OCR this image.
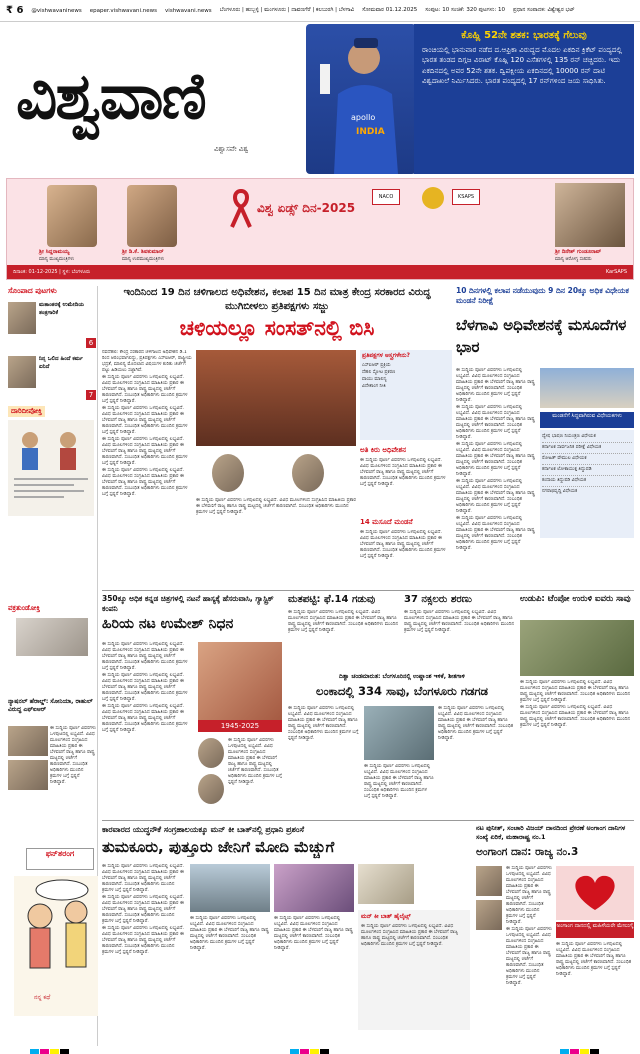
₹ 6 @vishwavaninews epaper.vishwavani.news vishwavani.news ಬೆಂಗಳೂರು | ಹುಬ್ಬಳ್ಳಿ | ಮಂಗಳೂರು | ದಾವಣಗೆರೆ | ಕಲಬುರಗಿ | ಬೆಳಗಾವಿ ಸೋಮವಾರ 01.12.2025 ಸಂಪುಟ: 10 ಸಂಚಿಕೆ: 320 ಪುಟಗಳು: 10 ಪ್ರಧಾನ ಸಂಪಾದಕ: ವಿಶ್ವೇಶ್ವರ ಭಟ್
ವಿಶ್ವವಾಣಿ
ವಿಶ್ವಾಸವೇ ವಿಶ್ವ
apollo
INDIA
ಕೊಹ್ಲಿ 52ನೇ ಶತಕ: ಭಾರತಕ್ಕೆ ಗೆಲುವು
ರಾಂಚಿಯಲ್ಲಿ ಭಾನುವಾರ ನಡೆದ ದ.ಆಫ್ರಿಕಾ ವಿರುದ್ಧದ ಮೊದಲ ಏಕದಿನ ಕ್ರಿಕೆಟ್ ಪಂದ್ಯದಲ್ಲಿ ಭಾರತ ತಂಡದ ದಿಗ್ಗಜ ವಿರಾಟ್ ಕೊಹ್ಲಿ 120 ಎಸೆತಗಳಲ್ಲಿ 135 ರನ್ ಚಚ್ಚಿದರು. ಇದು ಏಕದಿನದಲ್ಲಿ ಅವರ 52ನೇ ಶತಕ. ದ್ವಿಪಕ್ಷೀಯ ಏಕದಿನದಲ್ಲಿ 10000 ರನ್ ದಾಟಿ ವಿಶ್ವದಾಖಲೆ ನಿರ್ಮಿಸಿದರು. ಭಾರತ ಪಂದ್ಯದಲ್ಲಿ 17 ರನ್‌ಗಳಿಂದ ಜಯ ಸಾಧಿಸಿತು.
ಶ್ರೀ ಸಿದ್ದರಾಮಯ್ಯ
ಮಾನ್ಯ ಮುಖ್ಯಮಂತ್ರಿಗಳು
ಶ್ರೀ ಡಿ.ಕೆ. ಶಿವಕುಮಾರ್
ಮಾನ್ಯ ಉಪಮುಖ್ಯಮಂತ್ರಿಗಳು
ವಿಶ್ವ ಏಡ್ಸ್ ದಿನ-2025
NACO	KSAPS
ಶ್ರೀ ದಿನೇಶ್ ಗುಂಡೂರಾವ್
ಮಾನ್ಯ ಆರೋಗ್ಯ ಸಚಿವರು
ದಿನಾಂಕ: 01-12-2025 | ಸ್ಥಳ: ಬೆಂಗಳೂರು	KarSAPS
ಸೊಂಪಾದ ಪುಟಗಳು
ಮತಾಂತರಕ್ಕೆ ಉಮೇದಿಯ ತಂತ್ರಗಾರಿಕೆ
6
ನಿನ್ನ ಒಲಿದ ಹಿಂದೆ ಕರ್ಮ ಏನಿದೆ
7
ದಾರಿದೀಪೋಕ್ತಿ
ವಕ್ರತುಂಡೋಕ್ತಿ
ನ್ಯಾಷನಲ್ ಹೆರಾಲ್ಡ್: ಸೋನಿಯಾ, ರಾಹುಲ್ ವಿರುದ್ಧ ಎಫ್ಐಆರ್
ಈ ಸುದ್ದಿಯ ಪೂರ್ಣ ವಿವರಗಳು ಒಳಪುಟದಲ್ಲಿ ಲಭ್ಯವಿದೆ. ವಿವಿಧ ಮೂಲಗಳಿಂದ ಸಂಗ್ರಹಿಸಿದ ಮಾಹಿತಿಯ ಪ್ರಕಾರ ಈ ಬೆಳವಣಿಗೆ ರಾಜ್ಯ ಹಾಗೂ ರಾಷ್ಟ್ರ ಮಟ್ಟದಲ್ಲಿ ಚರ್ಚೆಗೆ ಕಾರಣವಾಗಿದೆ. ಸಂಬಂಧಿತ ಅಧಿಕಾರಿಗಳು ಮುಂದಿನ ಕ್ರಮಗಳ ಬಗ್ಗೆ ಸ್ಪಷ್ಟನೆ ನೀಡಿದ್ದಾರೆ.
ಫನ್‌ತರಂಗ
ನನ್ನ ಕಥೆ
ಇಂದಿನಿಂದ 19 ದಿನ ಚಳಿಗಾಲದ ಅಧಿವೇಶನ, ಕಲಾಪ 15 ದಿನ ಮಾತ್ರ ಕೇಂದ್ರ ಸರಕಾರದ ವಿರುದ್ಧ ಮುಗಿಬೀಳಲು ಪ್ರತಿಪಕ್ಷಗಳು ಸಜ್ಜು
ಚಳಿಯಲ್ಲೂ ಸಂಸತ್‌ನಲ್ಲಿ ಬಿಸಿ

ನವದೆಹಲಿ: ಕೇಂದ್ರ ಸರಕಾರದ ಚಳಿಗಾಲದ ಅಧಿವೇಶನ ಡಿ.1 ರಿಂದ ಆರಂಭವಾಗಲಿದ್ದು, ಪ್ರತಿಪಕ್ಷಗಳು ಎಸ್‌ಐಆರ್, ರಾಷ್ಟ್ರೀಯ ಭದ್ರತೆ, ಮಾಲಿನ್ಯ ಮೊದಲಾದ ವಿಷಯಗಳ ಕುರಿತು ಚರ್ಚೆಗೆ ಪಟ್ಟು ಹಿಡಿಯಲು ಸಜ್ಜಾಗಿವೆ.

ಈ ಸುದ್ದಿಯ ಪೂರ್ಣ ವಿವರಗಳು ಒಳಪುಟದಲ್ಲಿ ಲಭ್ಯವಿದೆ. ವಿವಿಧ ಮೂಲಗಳಿಂದ ಸಂಗ್ರಹಿಸಿದ ಮಾಹಿತಿಯ ಪ್ರಕಾರ ಈ ಬೆಳವಣಿಗೆ ರಾಜ್ಯ ಹಾಗೂ ರಾಷ್ಟ್ರ ಮಟ್ಟದಲ್ಲಿ ಚರ್ಚೆಗೆ ಕಾರಣವಾಗಿದೆ. ಸಂಬಂಧಿತ ಅಧಿಕಾರಿಗಳು ಮುಂದಿನ ಕ್ರಮಗಳ ಬಗ್ಗೆ ಸ್ಪಷ್ಟನೆ ನೀಡಿದ್ದಾರೆ.

ಈ ಸುದ್ದಿಯ ಪೂರ್ಣ ವಿವರಗಳು ಒಳಪುಟದಲ್ಲಿ ಲಭ್ಯವಿದೆ. ವಿವಿಧ ಮೂಲಗಳಿಂದ ಸಂಗ್ರಹಿಸಿದ ಮಾಹಿತಿಯ ಪ್ರಕಾರ ಈ ಬೆಳವಣಿಗೆ ರಾಜ್ಯ ಹಾಗೂ ರಾಷ್ಟ್ರ ಮಟ್ಟದಲ್ಲಿ ಚರ್ಚೆಗೆ ಕಾರಣವಾಗಿದೆ. ಸಂಬಂಧಿತ ಅಧಿಕಾರಿಗಳು ಮುಂದಿನ ಕ್ರಮಗಳ ಬಗ್ಗೆ ಸ್ಪಷ್ಟನೆ ನೀಡಿದ್ದಾರೆ.

ಈ ಸುದ್ದಿಯ ಪೂರ್ಣ ವಿವರಗಳು ಒಳಪುಟದಲ್ಲಿ ಲಭ್ಯವಿದೆ. ವಿವಿಧ ಮೂಲಗಳಿಂದ ಸಂಗ್ರಹಿಸಿದ ಮಾಹಿತಿಯ ಪ್ರಕಾರ ಈ ಬೆಳವಣಿಗೆ ರಾಜ್ಯ ಹಾಗೂ ರಾಷ್ಟ್ರ ಮಟ್ಟದಲ್ಲಿ ಚರ್ಚೆಗೆ ಕಾರಣವಾಗಿದೆ. ಸಂಬಂಧಿತ ಅಧಿಕಾರಿಗಳು ಮುಂದಿನ ಕ್ರಮಗಳ ಬಗ್ಗೆ ಸ್ಪಷ್ಟನೆ ನೀಡಿದ್ದಾರೆ.

ಈ ಸುದ್ದಿಯ ಪೂರ್ಣ ವಿವರಗಳು ಒಳಪುಟದಲ್ಲಿ ಲಭ್ಯವಿದೆ. ವಿವಿಧ ಮೂಲಗಳಿಂದ ಸಂಗ್ರಹಿಸಿದ ಮಾಹಿತಿಯ ಪ್ರಕಾರ ಈ ಬೆಳವಣಿಗೆ ರಾಜ್ಯ ಹಾಗೂ ರಾಷ್ಟ್ರ ಮಟ್ಟದಲ್ಲಿ ಚರ್ಚೆಗೆ ಕಾರಣವಾಗಿದೆ. ಸಂಬಂಧಿತ ಅಧಿಕಾರಿಗಳು ಮುಂದಿನ ಕ್ರಮಗಳ ಬಗ್ಗೆ ಸ್ಪಷ್ಟನೆ ನೀಡಿದ್ದಾರೆ.

ಈ ಸುದ್ದಿಯ ಪೂರ್ಣ ವಿವರಗಳು ಒಳಪುಟದಲ್ಲಿ ಲಭ್ಯವಿದೆ. ವಿವಿಧ ಮೂಲಗಳಿಂದ ಸಂಗ್ರಹಿಸಿದ ಮಾಹಿತಿಯ ಪ್ರಕಾರ ಈ ಬೆಳವಣಿಗೆ ರಾಜ್ಯ ಹಾಗೂ ರಾಷ್ಟ್ರ ಮಟ್ಟದಲ್ಲಿ ಚರ್ಚೆಗೆ ಕಾರಣವಾಗಿದೆ. ಸಂಬಂಧಿತ ಅಧಿಕಾರಿಗಳು ಮುಂದಿನ ಕ್ರಮಗಳ ಬಗ್ಗೆ ಸ್ಪಷ್ಟನೆ ನೀಡಿದ್ದಾರೆ.
ಪ್ರತಿಪಕ್ಷಗಳ ಅಸ್ತ್ರಗಳೇನು?

ಎಸ್‌ಐಆರ್ ಪ್ರಕ್ರಿಯೆ

ದೆಹಲಿ ಸ್ಫೋಟ ಪ್ರಕರಣ

ವಾಯು ಮಾಲಿನ್ಯ

ವಿದೇಶಾಂಗ ನೀತಿ

ಅತಿ ಕಿರು ಅಧಿವೇಶನ
ಈ ಸುದ್ದಿಯ ಪೂರ್ಣ ವಿವರಗಳು ಒಳಪುಟದಲ್ಲಿ ಲಭ್ಯವಿದೆ. ವಿವಿಧ ಮೂಲಗಳಿಂದ ಸಂಗ್ರಹಿಸಿದ ಮಾಹಿತಿಯ ಪ್ರಕಾರ ಈ ಬೆಳವಣಿಗೆ ರಾಜ್ಯ ಹಾಗೂ ರಾಷ್ಟ್ರ ಮಟ್ಟದಲ್ಲಿ ಚರ್ಚೆಗೆ ಕಾರಣವಾಗಿದೆ. ಸಂಬಂಧಿತ ಅಧಿಕಾರಿಗಳು ಮುಂದಿನ ಕ್ರಮಗಳ ಬಗ್ಗೆ ಸ್ಪಷ್ಟನೆ ನೀಡಿದ್ದಾರೆ.
14 ಮಸೂದೆ ಮಂಡನೆ
ಈ ಸುದ್ದಿಯ ಪೂರ್ಣ ವಿವರಗಳು ಒಳಪುಟದಲ್ಲಿ ಲಭ್ಯವಿದೆ. ವಿವಿಧ ಮೂಲಗಳಿಂದ ಸಂಗ್ರಹಿಸಿದ ಮಾಹಿತಿಯ ಪ್ರಕಾರ ಈ ಬೆಳವಣಿಗೆ ರಾಜ್ಯ ಹಾಗೂ ರಾಷ್ಟ್ರ ಮಟ್ಟದಲ್ಲಿ ಚರ್ಚೆಗೆ ಕಾರಣವಾಗಿದೆ. ಸಂಬಂಧಿತ ಅಧಿಕಾರಿಗಳು ಮುಂದಿನ ಕ್ರಮಗಳ ಬಗ್ಗೆ ಸ್ಪಷ್ಟನೆ ನೀಡಿದ್ದಾರೆ.
10 ದಿನಗಳಲ್ಲಿ ಕಲಾಪ ನಡೆಯುವುದು 9 ದಿನ 20ಕ್ಕೂ ಅಧಿಕ ವಿಧೇಯಕ ಮಂಡನೆ ನಿರೀಕ್ಷೆ
ಬೆಳಗಾವಿ ಅಧಿವೇಶನಕ್ಕೆ ಮಸೂದೆಗಳ ಭಾರ

ಈ ಸುದ್ದಿಯ ಪೂರ್ಣ ವಿವರಗಳು ಒಳಪುಟದಲ್ಲಿ ಲಭ್ಯವಿದೆ. ವಿವಿಧ ಮೂಲಗಳಿಂದ ಸಂಗ್ರಹಿಸಿದ ಮಾಹಿತಿಯ ಪ್ರಕಾರ ಈ ಬೆಳವಣಿಗೆ ರಾಜ್ಯ ಹಾಗೂ ರಾಷ್ಟ್ರ ಮಟ್ಟದಲ್ಲಿ ಚರ್ಚೆಗೆ ಕಾರಣವಾಗಿದೆ. ಸಂಬಂಧಿತ ಅಧಿಕಾರಿಗಳು ಮುಂದಿನ ಕ್ರಮಗಳ ಬಗ್ಗೆ ಸ್ಪಷ್ಟನೆ ನೀಡಿದ್ದಾರೆ.

ಈ ಸುದ್ದಿಯ ಪೂರ್ಣ ವಿವರಗಳು ಒಳಪುಟದಲ್ಲಿ ಲಭ್ಯವಿದೆ. ವಿವಿಧ ಮೂಲಗಳಿಂದ ಸಂಗ್ರಹಿಸಿದ ಮಾಹಿತಿಯ ಪ್ರಕಾರ ಈ ಬೆಳವಣಿಗೆ ರಾಜ್ಯ ಹಾಗೂ ರಾಷ್ಟ್ರ ಮಟ್ಟದಲ್ಲಿ ಚರ್ಚೆಗೆ ಕಾರಣವಾಗಿದೆ. ಸಂಬಂಧಿತ ಅಧಿಕಾರಿಗಳು ಮುಂದಿನ ಕ್ರಮಗಳ ಬಗ್ಗೆ ಸ್ಪಷ್ಟನೆ ನೀಡಿದ್ದಾರೆ.

ಈ ಸುದ್ದಿಯ ಪೂರ್ಣ ವಿವರಗಳು ಒಳಪುಟದಲ್ಲಿ ಲಭ್ಯವಿದೆ. ವಿವಿಧ ಮೂಲಗಳಿಂದ ಸಂಗ್ರಹಿಸಿದ ಮಾಹಿತಿಯ ಪ್ರಕಾರ ಈ ಬೆಳವಣಿಗೆ ರಾಜ್ಯ ಹಾಗೂ ರಾಷ್ಟ್ರ ಮಟ್ಟದಲ್ಲಿ ಚರ್ಚೆಗೆ ಕಾರಣವಾಗಿದೆ. ಸಂಬಂಧಿತ ಅಧಿಕಾರಿಗಳು ಮುಂದಿನ ಕ್ರಮಗಳ ಬಗ್ಗೆ ಸ್ಪಷ್ಟನೆ ನೀಡಿದ್ದಾರೆ.

ಈ ಸುದ್ದಿಯ ಪೂರ್ಣ ವಿವರಗಳು ಒಳಪುಟದಲ್ಲಿ ಲಭ್ಯವಿದೆ. ವಿವಿಧ ಮೂಲಗಳಿಂದ ಸಂಗ್ರಹಿಸಿದ ಮಾಹಿತಿಯ ಪ್ರಕಾರ ಈ ಬೆಳವಣಿಗೆ ರಾಜ್ಯ ಹಾಗೂ ರಾಷ್ಟ್ರ ಮಟ್ಟದಲ್ಲಿ ಚರ್ಚೆಗೆ ಕಾರಣವಾಗಿದೆ. ಸಂಬಂಧಿತ ಅಧಿಕಾರಿಗಳು ಮುಂದಿನ ಕ್ರಮಗಳ ಬಗ್ಗೆ ಸ್ಪಷ್ಟನೆ ನೀಡಿದ್ದಾರೆ.

ಈ ಸುದ್ದಿಯ ಪೂರ್ಣ ವಿವರಗಳು ಒಳಪುಟದಲ್ಲಿ ಲಭ್ಯವಿದೆ. ವಿವಿಧ ಮೂಲಗಳಿಂದ ಸಂಗ್ರಹಿಸಿದ ಮಾಹಿತಿಯ ಪ್ರಕಾರ ಈ ಬೆಳವಣಿಗೆ ರಾಜ್ಯ ಹಾಗೂ ರಾಷ್ಟ್ರ ಮಟ್ಟದಲ್ಲಿ ಚರ್ಚೆಗೆ ಕಾರಣವಾಗಿದೆ. ಸಂಬಂಧಿತ ಅಧಿಕಾರಿಗಳು ಮುಂದಿನ ಕ್ರಮಗಳ ಬಗ್ಗೆ ಸ್ಪಷ್ಟನೆ ನೀಡಿದ್ದಾರೆ.

ಮಂಡನೆಗೆ ಸಿದ್ಧವಾಗಿರುವ ವಿಧೇಯಕಗಳು
ದ್ವೇಷ ಭಾಷಣ ನಿಯಂತ್ರಣ ವಿಧೇಯಕ
ಕರ್ನಾಟಕ ಸಾರ್ವಜನಿಕ ಪರೀಕ್ಷೆ ವಿಧೇಯಕ
ರೋಹಿತ್ ವೇಮುಲ ವಿಧೇಯಕ
ಕರ್ನಾಟಕ ಲೋಕಾಯುಕ್ತ ತಿದ್ದುಪಡಿ
ಕಂದಾಯ ತಿದ್ದುಪಡಿ ವಿಧೇಯಕ
ನಗರಾಭಿವೃದ್ಧಿ ವಿಧೇಯಕ
350ಕ್ಕೂ ಅಧಿಕ ಕನ್ನಡ ಚಿತ್ರಗಳಲ್ಲಿ ನಟನೆ ಹಾಸ್ಯಕ್ಕೆ ಹೆಸರುವಾಸಿ, ಗ್ಯಾಸ್ಟ್ರಿಕ್ ಕಂಪನಿ
ಹಿರಿಯ ನಟ ಉಮೇಶ್ ನಿಧನ

ಈ ಸುದ್ದಿಯ ಪೂರ್ಣ ವಿವರಗಳು ಒಳಪುಟದಲ್ಲಿ ಲಭ್ಯವಿದೆ. ವಿವಿಧ ಮೂಲಗಳಿಂದ ಸಂಗ್ರಹಿಸಿದ ಮಾಹಿತಿಯ ಪ್ರಕಾರ ಈ ಬೆಳವಣಿಗೆ ರಾಜ್ಯ ಹಾಗೂ ರಾಷ್ಟ್ರ ಮಟ್ಟದಲ್ಲಿ ಚರ್ಚೆಗೆ ಕಾರಣವಾಗಿದೆ. ಸಂಬಂಧಿತ ಅಧಿಕಾರಿಗಳು ಮುಂದಿನ ಕ್ರಮಗಳ ಬಗ್ಗೆ ಸ್ಪಷ್ಟನೆ ನೀಡಿದ್ದಾರೆ.

ಈ ಸುದ್ದಿಯ ಪೂರ್ಣ ವಿವರಗಳು ಒಳಪುಟದಲ್ಲಿ ಲಭ್ಯವಿದೆ. ವಿವಿಧ ಮೂಲಗಳಿಂದ ಸಂಗ್ರಹಿಸಿದ ಮಾಹಿತಿಯ ಪ್ರಕಾರ ಈ ಬೆಳವಣಿಗೆ ರಾಜ್ಯ ಹಾಗೂ ರಾಷ್ಟ್ರ ಮಟ್ಟದಲ್ಲಿ ಚರ್ಚೆಗೆ ಕಾರಣವಾಗಿದೆ. ಸಂಬಂಧಿತ ಅಧಿಕಾರಿಗಳು ಮುಂದಿನ ಕ್ರಮಗಳ ಬಗ್ಗೆ ಸ್ಪಷ್ಟನೆ ನೀಡಿದ್ದಾರೆ.

ಈ ಸುದ್ದಿಯ ಪೂರ್ಣ ವಿವರಗಳು ಒಳಪುಟದಲ್ಲಿ ಲಭ್ಯವಿದೆ. ವಿವಿಧ ಮೂಲಗಳಿಂದ ಸಂಗ್ರಹಿಸಿದ ಮಾಹಿತಿಯ ಪ್ರಕಾರ ಈ ಬೆಳವಣಿಗೆ ರಾಜ್ಯ ಹಾಗೂ ರಾಷ್ಟ್ರ ಮಟ್ಟದಲ್ಲಿ ಚರ್ಚೆಗೆ ಕಾರಣವಾಗಿದೆ. ಸಂಬಂಧಿತ ಅಧಿಕಾರಿಗಳು ಮುಂದಿನ ಕ್ರಮಗಳ ಬಗ್ಗೆ ಸ್ಪಷ್ಟನೆ ನೀಡಿದ್ದಾರೆ.

1945-2025
ಈ ಸುದ್ದಿಯ ಪೂರ್ಣ ವಿವರಗಳು ಒಳಪುಟದಲ್ಲಿ ಲಭ್ಯವಿದೆ. ವಿವಿಧ ಮೂಲಗಳಿಂದ ಸಂಗ್ರಹಿಸಿದ ಮಾಹಿತಿಯ ಪ್ರಕಾರ ಈ ಬೆಳವಣಿಗೆ ರಾಜ್ಯ ಹಾಗೂ ರಾಷ್ಟ್ರ ಮಟ್ಟದಲ್ಲಿ ಚರ್ಚೆಗೆ ಕಾರಣವಾಗಿದೆ. ಸಂಬಂಧಿತ ಅಧಿಕಾರಿಗಳು ಮುಂದಿನ ಕ್ರಮಗಳ ಬಗ್ಗೆ ಸ್ಪಷ್ಟನೆ ನೀಡಿದ್ದಾರೆ.
ಮತಪಟ್ಟಿ: ಫೆ.14 ಗಡುವು
ಈ ಸುದ್ದಿಯ ಪೂರ್ಣ ವಿವರಗಳು ಒಳಪುಟದಲ್ಲಿ ಲಭ್ಯವಿದೆ. ವಿವಿಧ ಮೂಲಗಳಿಂದ ಸಂಗ್ರಹಿಸಿದ ಮಾಹಿತಿಯ ಪ್ರಕಾರ ಈ ಬೆಳವಣಿಗೆ ರಾಜ್ಯ ಹಾಗೂ ರಾಷ್ಟ್ರ ಮಟ್ಟದಲ್ಲಿ ಚರ್ಚೆಗೆ ಕಾರಣವಾಗಿದೆ. ಸಂಬಂಧಿತ ಅಧಿಕಾರಿಗಳು ಮುಂದಿನ ಕ್ರಮಗಳ ಬಗ್ಗೆ ಸ್ಪಷ್ಟನೆ ನೀಡಿದ್ದಾರೆ.
37 ನಕ್ಸಲರು ಶರಣು
ಈ ಸುದ್ದಿಯ ಪೂರ್ಣ ವಿವರಗಳು ಒಳಪುಟದಲ್ಲಿ ಲಭ್ಯವಿದೆ. ವಿವಿಧ ಮೂಲಗಳಿಂದ ಸಂಗ್ರಹಿಸಿದ ಮಾಹಿತಿಯ ಪ್ರಕಾರ ಈ ಬೆಳವಣಿಗೆ ರಾಜ್ಯ ಹಾಗೂ ರಾಷ್ಟ್ರ ಮಟ್ಟದಲ್ಲಿ ಚರ್ಚೆಗೆ ಕಾರಣವಾಗಿದೆ. ಸಂಬಂಧಿತ ಅಧಿಕಾರಿಗಳು ಮುಂದಿನ ಕ್ರಮಗಳ ಬಗ್ಗೆ ಸ್ಪಷ್ಟನೆ ನೀಡಿದ್ದಾರೆ.
ಉಡುಪಿ: ಟೆಂಪೋ ಉರುಳಿ ಐವರು ಸಾವು

ಈ ಸುದ್ದಿಯ ಪೂರ್ಣ ವಿವರಗಳು ಒಳಪುಟದಲ್ಲಿ ಲಭ್ಯವಿದೆ. ವಿವಿಧ ಮೂಲಗಳಿಂದ ಸಂಗ್ರಹಿಸಿದ ಮಾಹಿತಿಯ ಪ್ರಕಾರ ಈ ಬೆಳವಣಿಗೆ ರಾಜ್ಯ ಹಾಗೂ ರಾಷ್ಟ್ರ ಮಟ್ಟದಲ್ಲಿ ಚರ್ಚೆಗೆ ಕಾರಣವಾಗಿದೆ. ಸಂಬಂಧಿತ ಅಧಿಕಾರಿಗಳು ಮುಂದಿನ ಕ್ರಮಗಳ ಬಗ್ಗೆ ಸ್ಪಷ್ಟನೆ ನೀಡಿದ್ದಾರೆ.

ಈ ಸುದ್ದಿಯ ಪೂರ್ಣ ವಿವರಗಳು ಒಳಪುಟದಲ್ಲಿ ಲಭ್ಯವಿದೆ. ವಿವಿಧ ಮೂಲಗಳಿಂದ ಸಂಗ್ರಹಿಸಿದ ಮಾಹಿತಿಯ ಪ್ರಕಾರ ಈ ಬೆಳವಣಿಗೆ ರಾಜ್ಯ ಹಾಗೂ ರಾಷ್ಟ್ರ ಮಟ್ಟದಲ್ಲಿ ಚರ್ಚೆಗೆ ಕಾರಣವಾಗಿದೆ. ಸಂಬಂಧಿತ ಅಧಿಕಾರಿಗಳು ಮುಂದಿನ ಕ್ರಮಗಳ ಬಗ್ಗೆ ಸ್ಪಷ್ಟನೆ ನೀಡಿದ್ದಾರೆ.

ದಿತ್ವಾ ಚಂಡಮಾರುತ: ಬೆಂಗಳೂರಿನಲ್ಲಿ ಉಷ್ಣಾಂಶ ಇಳಿಕೆ, ಶೀತಗಾಳಿ
ಲಂಕಾದಲ್ಲಿ 334 ಸಾವು, ಬೆಂಗಳೂರು ಗಡಗಡ
ಈ ಸುದ್ದಿಯ ಪೂರ್ಣ ವಿವರಗಳು ಒಳಪುಟದಲ್ಲಿ ಲಭ್ಯವಿದೆ. ವಿವಿಧ ಮೂಲಗಳಿಂದ ಸಂಗ್ರಹಿಸಿದ ಮಾಹಿತಿಯ ಪ್ರಕಾರ ಈ ಬೆಳವಣಿಗೆ ರಾಜ್ಯ ಹಾಗೂ ರಾಷ್ಟ್ರ ಮಟ್ಟದಲ್ಲಿ ಚರ್ಚೆಗೆ ಕಾರಣವಾಗಿದೆ. ಸಂಬಂಧಿತ ಅಧಿಕಾರಿಗಳು ಮುಂದಿನ ಕ್ರಮಗಳ ಬಗ್ಗೆ ಸ್ಪಷ್ಟನೆ ನೀಡಿದ್ದಾರೆ.
ಈ ಸುದ್ದಿಯ ಪೂರ್ಣ ವಿವರಗಳು ಒಳಪುಟದಲ್ಲಿ ಲಭ್ಯವಿದೆ. ವಿವಿಧ ಮೂಲಗಳಿಂದ ಸಂಗ್ರಹಿಸಿದ ಮಾಹಿತಿಯ ಪ್ರಕಾರ ಈ ಬೆಳವಣಿಗೆ ರಾಜ್ಯ ಹಾಗೂ ರಾಷ್ಟ್ರ ಮಟ್ಟದಲ್ಲಿ ಚರ್ಚೆಗೆ ಕಾರಣವಾಗಿದೆ. ಸಂಬಂಧಿತ ಅಧಿಕಾರಿಗಳು ಮುಂದಿನ ಕ್ರಮಗಳ ಬಗ್ಗೆ ಸ್ಪಷ್ಟನೆ ನೀಡಿದ್ದಾರೆ.
ಈ ಸುದ್ದಿಯ ಪೂರ್ಣ ವಿವರಗಳು ಒಳಪುಟದಲ್ಲಿ ಲಭ್ಯವಿದೆ. ವಿವಿಧ ಮೂಲಗಳಿಂದ ಸಂಗ್ರಹಿಸಿದ ಮಾಹಿತಿಯ ಪ್ರಕಾರ ಈ ಬೆಳವಣಿಗೆ ರಾಜ್ಯ ಹಾಗೂ ರಾಷ್ಟ್ರ ಮಟ್ಟದಲ್ಲಿ ಚರ್ಚೆಗೆ ಕಾರಣವಾಗಿದೆ. ಸಂಬಂಧಿತ ಅಧಿಕಾರಿಗಳು ಮುಂದಿನ ಕ್ರಮಗಳ ಬಗ್ಗೆ ಸ್ಪಷ್ಟನೆ ನೀಡಿದ್ದಾರೆ.
ಕಾರವಾರದ ಯುದ್ಧನೌಕೆ ಸಂಗ್ರಹಾಲಯಕ್ಕೂ ಮನ್ ಕೀ ಬಾತ್‌ನಲ್ಲಿ ಪ್ರಧಾನಿ ಪ್ರಶಂಸೆ
ತುಮಕೂರು, ಪುತ್ತೂರು ಜೇನಿಗೆ ಮೋದಿ ಮೆಚ್ಚುಗೆ

ಈ ಸುದ್ದಿಯ ಪೂರ್ಣ ವಿವರಗಳು ಒಳಪುಟದಲ್ಲಿ ಲಭ್ಯವಿದೆ. ವಿವಿಧ ಮೂಲಗಳಿಂದ ಸಂಗ್ರಹಿಸಿದ ಮಾಹಿತಿಯ ಪ್ರಕಾರ ಈ ಬೆಳವಣಿಗೆ ರಾಜ್ಯ ಹಾಗೂ ರಾಷ್ಟ್ರ ಮಟ್ಟದಲ್ಲಿ ಚರ್ಚೆಗೆ ಕಾರಣವಾಗಿದೆ. ಸಂಬಂಧಿತ ಅಧಿಕಾರಿಗಳು ಮುಂದಿನ ಕ್ರಮಗಳ ಬಗ್ಗೆ ಸ್ಪಷ್ಟನೆ ನೀಡಿದ್ದಾರೆ.

ಈ ಸುದ್ದಿಯ ಪೂರ್ಣ ವಿವರಗಳು ಒಳಪುಟದಲ್ಲಿ ಲಭ್ಯವಿದೆ. ವಿವಿಧ ಮೂಲಗಳಿಂದ ಸಂಗ್ರಹಿಸಿದ ಮಾಹಿತಿಯ ಪ್ರಕಾರ ಈ ಬೆಳವಣಿಗೆ ರಾಜ್ಯ ಹಾಗೂ ರಾಷ್ಟ್ರ ಮಟ್ಟದಲ್ಲಿ ಚರ್ಚೆಗೆ ಕಾರಣವಾಗಿದೆ. ಸಂಬಂಧಿತ ಅಧಿಕಾರಿಗಳು ಮುಂದಿನ ಕ್ರಮಗಳ ಬಗ್ಗೆ ಸ್ಪಷ್ಟನೆ ನೀಡಿದ್ದಾರೆ.

ಈ ಸುದ್ದಿಯ ಪೂರ್ಣ ವಿವರಗಳು ಒಳಪುಟದಲ್ಲಿ ಲಭ್ಯವಿದೆ. ವಿವಿಧ ಮೂಲಗಳಿಂದ ಸಂಗ್ರಹಿಸಿದ ಮಾಹಿತಿಯ ಪ್ರಕಾರ ಈ ಬೆಳವಣಿಗೆ ರಾಜ್ಯ ಹಾಗೂ ರಾಷ್ಟ್ರ ಮಟ್ಟದಲ್ಲಿ ಚರ್ಚೆಗೆ ಕಾರಣವಾಗಿದೆ. ಸಂಬಂಧಿತ ಅಧಿಕಾರಿಗಳು ಮುಂದಿನ ಕ್ರಮಗಳ ಬಗ್ಗೆ ಸ್ಪಷ್ಟನೆ ನೀಡಿದ್ದಾರೆ.

ಈ ಸುದ್ದಿಯ ಪೂರ್ಣ ವಿವರಗಳು ಒಳಪುಟದಲ್ಲಿ ಲಭ್ಯವಿದೆ. ವಿವಿಧ ಮೂಲಗಳಿಂದ ಸಂಗ್ರಹಿಸಿದ ಮಾಹಿತಿಯ ಪ್ರಕಾರ ಈ ಬೆಳವಣಿಗೆ ರಾಜ್ಯ ಹಾಗೂ ರಾಷ್ಟ್ರ ಮಟ್ಟದಲ್ಲಿ ಚರ್ಚೆಗೆ ಕಾರಣವಾಗಿದೆ. ಸಂಬಂಧಿತ ಅಧಿಕಾರಿಗಳು ಮುಂದಿನ ಕ್ರಮಗಳ ಬಗ್ಗೆ ಸ್ಪಷ್ಟನೆ ನೀಡಿದ್ದಾರೆ.
ಈ ಸುದ್ದಿಯ ಪೂರ್ಣ ವಿವರಗಳು ಒಳಪುಟದಲ್ಲಿ ಲಭ್ಯವಿದೆ. ವಿವಿಧ ಮೂಲಗಳಿಂದ ಸಂಗ್ರಹಿಸಿದ ಮಾಹಿತಿಯ ಪ್ರಕಾರ ಈ ಬೆಳವಣಿಗೆ ರಾಜ್ಯ ಹಾಗೂ ರಾಷ್ಟ್ರ ಮಟ್ಟದಲ್ಲಿ ಚರ್ಚೆಗೆ ಕಾರಣವಾಗಿದೆ. ಸಂಬಂಧಿತ ಅಧಿಕಾರಿಗಳು ಮುಂದಿನ ಕ್ರಮಗಳ ಬಗ್ಗೆ ಸ್ಪಷ್ಟನೆ ನೀಡಿದ್ದಾರೆ.
ಮನ್ ಕೀ ಬಾತ್ ಹೈಲೈಟ್ಸ್
ಈ ಸುದ್ದಿಯ ಪೂರ್ಣ ವಿವರಗಳು ಒಳಪುಟದಲ್ಲಿ ಲಭ್ಯವಿದೆ. ವಿವಿಧ ಮೂಲಗಳಿಂದ ಸಂಗ್ರಹಿಸಿದ ಮಾಹಿತಿಯ ಪ್ರಕಾರ ಈ ಬೆಳವಣಿಗೆ ರಾಜ್ಯ ಹಾಗೂ ರಾಷ್ಟ್ರ ಮಟ್ಟದಲ್ಲಿ ಚರ್ಚೆಗೆ ಕಾರಣವಾಗಿದೆ. ಸಂಬಂಧಿತ ಅಧಿಕಾರಿಗಳು ಮುಂದಿನ ಕ್ರಮಗಳ ಬಗ್ಗೆ ಸ್ಪಷ್ಟನೆ ನೀಡಿದ್ದಾರೆ.
ನಟ ಪುನೀತ್, ಸಂಚಾರಿ ವಿಜಯ್ ದಾನದಿಂದ ಪ್ರೇರಣೆ ಅಂಗಾಂಗ ದಾನಿಗಳ ಸಂಖ್ಯೆ ಏರಿಕೆ, ಮಹಾರಾಷ್ಟ್ರ ನಂ.1
ಅಂಗಾಂಗ ದಾನ: ರಾಜ್ಯ ನಂ.3

ಈ ಸುದ್ದಿಯ ಪೂರ್ಣ ವಿವರಗಳು ಒಳಪುಟದಲ್ಲಿ ಲಭ್ಯವಿದೆ. ವಿವಿಧ ಮೂಲಗಳಿಂದ ಸಂಗ್ರಹಿಸಿದ ಮಾಹಿತಿಯ ಪ್ರಕಾರ ಈ ಬೆಳವಣಿಗೆ ರಾಜ್ಯ ಹಾಗೂ ರಾಷ್ಟ್ರ ಮಟ್ಟದಲ್ಲಿ ಚರ್ಚೆಗೆ ಕಾರಣವಾಗಿದೆ. ಸಂಬಂಧಿತ ಅಧಿಕಾರಿಗಳು ಮುಂದಿನ ಕ್ರಮಗಳ ಬಗ್ಗೆ ಸ್ಪಷ್ಟನೆ ನೀಡಿದ್ದಾರೆ.

ಈ ಸುದ್ದಿಯ ಪೂರ್ಣ ವಿವರಗಳು ಒಳಪುಟದಲ್ಲಿ ಲಭ್ಯವಿದೆ. ವಿವಿಧ ಮೂಲಗಳಿಂದ ಸಂಗ್ರಹಿಸಿದ ಮಾಹಿತಿಯ ಪ್ರಕಾರ ಈ ಬೆಳವಣಿಗೆ ರಾಜ್ಯ ಹಾಗೂ ರಾಷ್ಟ್ರ ಮಟ್ಟದಲ್ಲಿ ಚರ್ಚೆಗೆ ಕಾರಣವಾಗಿದೆ. ಸಂಬಂಧಿತ ಅಧಿಕಾರಿಗಳು ಮುಂದಿನ ಕ್ರಮಗಳ ಬಗ್ಗೆ ಸ್ಪಷ್ಟನೆ ನೀಡಿದ್ದಾರೆ.

ಅಂಗಾಂಗ ದಾನದಲ್ಲಿ ಮಹಿಳೆಯರೇ ಮೇಲುಗೈ
ಈ ಸುದ್ದಿಯ ಪೂರ್ಣ ವಿವರಗಳು ಒಳಪುಟದಲ್ಲಿ ಲಭ್ಯವಿದೆ. ವಿವಿಧ ಮೂಲಗಳಿಂದ ಸಂಗ್ರಹಿಸಿದ ಮಾಹಿತಿಯ ಪ್ರಕಾರ ಈ ಬೆಳವಣಿಗೆ ರಾಜ್ಯ ಹಾಗೂ ರಾಷ್ಟ್ರ ಮಟ್ಟದಲ್ಲಿ ಚರ್ಚೆಗೆ ಕಾರಣವಾಗಿದೆ. ಸಂಬಂಧಿತ ಅಧಿಕಾರಿಗಳು ಮುಂದಿನ ಕ್ರಮಗಳ ಬಗ್ಗೆ ಸ್ಪಷ್ಟನೆ ನೀಡಿದ್ದಾರೆ.
